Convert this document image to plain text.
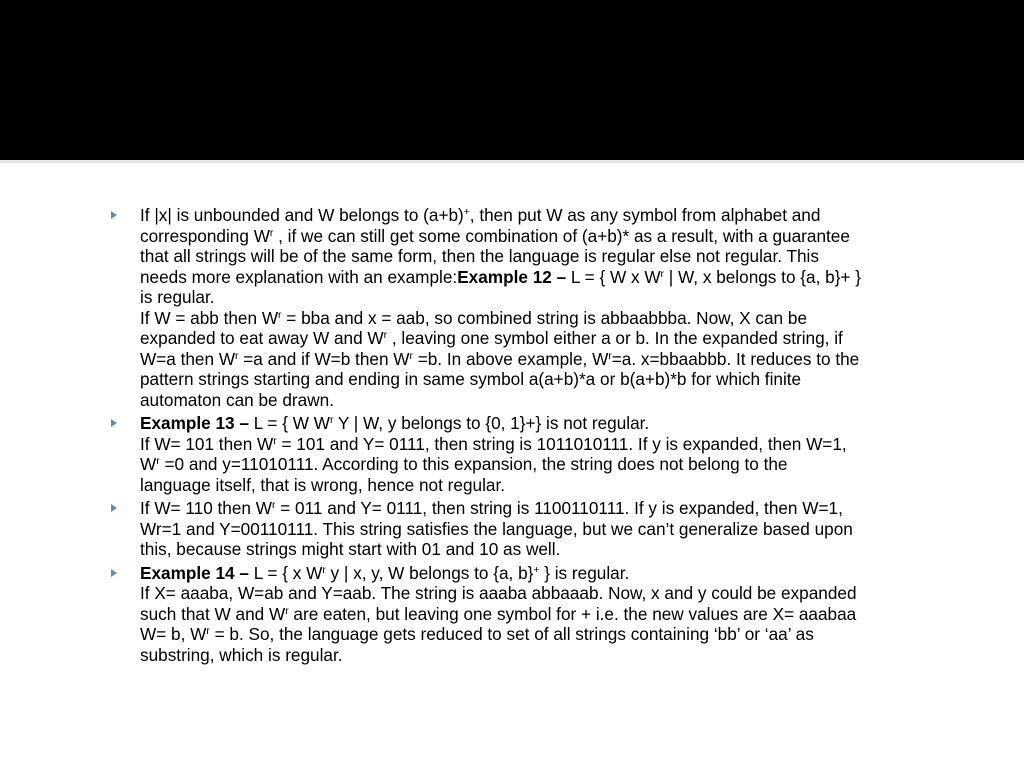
If |x| is unbounded and W belongs to (a+b)+, then put W as any symbol from alphabet and
corresponding $W^r$ , if we can still get some combination of (a+b)* as a result, with a guarantee
that all strings will be of the same form, then the language is regular else not regular. This
needs more explanation with an example:Example 12 – L = { W x $W^r$ | W, x belongs to {a, b}+ }
is regular.
If W = abb then $W^r$ = bba and x = aab, so combined string is abbaabbba. Now, X can be
expanded to eat away W and $W^r$ , leaving one symbol either a or b. In the expanded string, if
W=a then $W^r =a$ and if W=b then $W^r =b$. In above example, $W^r=a$. x=bbaabbb. It reduces to the
pattern strings starting and ending in same symbol a(a+b)*a or b(a+b)*b for which finite
automaton can be drawn.
Example 13 – L = { W $W^r$ Y | W, y belongs to {0, 1}+} is not regular.
If W= 101 then $W^r = 101$ and Y= 0111, then string is 1011010111. If y is expanded, then W=1,
$W^r =0$ and y=11010111. According to this expansion, the string does not belong to the
language itself, that is wrong, hence not regular.
If W= 110 then $W^r = 011$ and Y= 0111, then string is 1100110111. If y is expanded, then W=1,
Wr=1 and Y=00110111. This string satisfies the language, but we can’t generalize based upon
this, because strings might start with 01 and 10 as well.
Example 14 – L = { x $W^r$ y | x, y, W belongs to {a, b}+ } is regular.
If X= aaaba, W=ab and Y=aab. The string is aaaba abbaaab. Now, x and y could be expanded
such that W and $W^r$ are eaten, but leaving one symbol for + i.e. the new values are X= aaabaa
W= b, $W^r = b$. So, the language gets reduced to set of all strings containing ‘bb’ or ‘aa’ as
substring, which is regular.
